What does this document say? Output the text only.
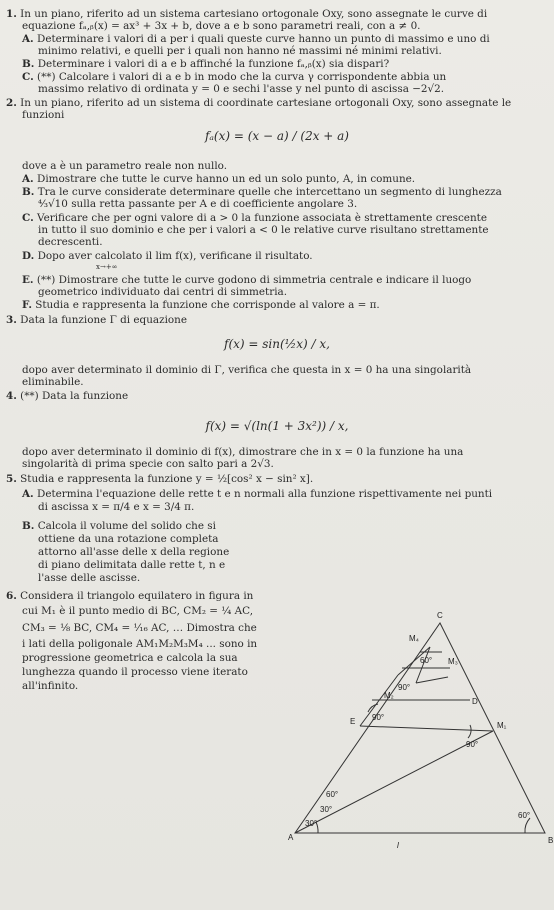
1. In un piano, riferito ad un sistema cartesiano ortogonale Oxy, sono assegnate le curve di
equazione fₐ,ᵦ(x) = ax³ + 3x + b, dove a e b sono parametri reali, con a ≠ 0.
A. Determinare i valori di a per i quali queste curve hanno un punto di massimo e uno di
minimo relativi, e quelli per i quali non hanno né massimi né minimi relativi.
B. Determinare i valori di a e b affinché la funzione fₐ,ᵦ(x) sia dispari?
C. (**) Calcolare i valori di a e b in modo che la curva γ corrispondente abbia un
massimo relativo di ordinata y = 0 e sechi l'asse y nel punto di ascissa −2√2.
2. In un piano, riferito ad un sistema di coordinate cartesiane ortogonali Oxy, sono assegnate le
funzioni
fₐ(x) = (x − a) / (2x + a)
dove a è un parametro reale non nullo.
A. Dimostrare che tutte le curve hanno un ed un solo punto, A, in comune.
B. Tra le curve considerate determinare quelle che intercettano un segmento di lunghezza
⁴⁄₃√10 sulla retta passante per A e di coefficiente angolare 3.
C. Verificare che per ogni valore di a > 0 la funzione associata è strettamente crescente
in tutto il suo dominio e che per i valori a < 0 le relative curve risultano strettamente
decrescenti.
D. Dopo aver calcolato il lim f(x), verificane il risultato.
x→+∞
E. (**) Dimostrare che tutte le curve godono di simmetria centrale e indicare il luogo
geometrico individuato dai centri di simmetria.
F. Studia e rappresenta la funzione che corrisponde al valore a = π.
3. Data la funzione Γ di equazione
f(x) = sin(½x) / x,
dopo aver determinato il dominio di Γ, verifica che questa in x = 0 ha una singolarità
eliminabile.
4. (**) Data la funzione
f(x) = √(ln(1 + 3x²)) / x,
dopo aver determinato il dominio di f(x), dimostrare che in x = 0 la funzione ha una
singolarità di prima specie con salto pari a 2√3.
5. Studia e rappresenta la funzione y = ½[cos² x − sin² x].
A. Determina l'equazione delle rette t e n normali alla funzione rispettivamente nei punti
di ascissa x = π/4 e x = 3/4 π.
B. Calcola il volume del solido che si
ottiene da una rotazione completa
attorno all'asse delle x della regione
di piano delimitata dalle rette t, n e
l'asse delle ascisse.
6. Considera il triangolo equilatero in figura in
cui M₁ è il punto medio di BC, CM₂ = ¼ AC,
CM₃ = ⅛ BC, CM₄ = ¹⁄₁₆ AC, … Dimostra che
i lati della poligonale AM₁M₂M₃M₄ ... sono in
progressione geometrica e calcola la sua
lunghezza quando il processo viene iterato
all'infinito.
A	B
C
D
E	M₁
M₂
M₃
M₄
30°
60°
90°
90°
90°
60°
60°
30°
l
